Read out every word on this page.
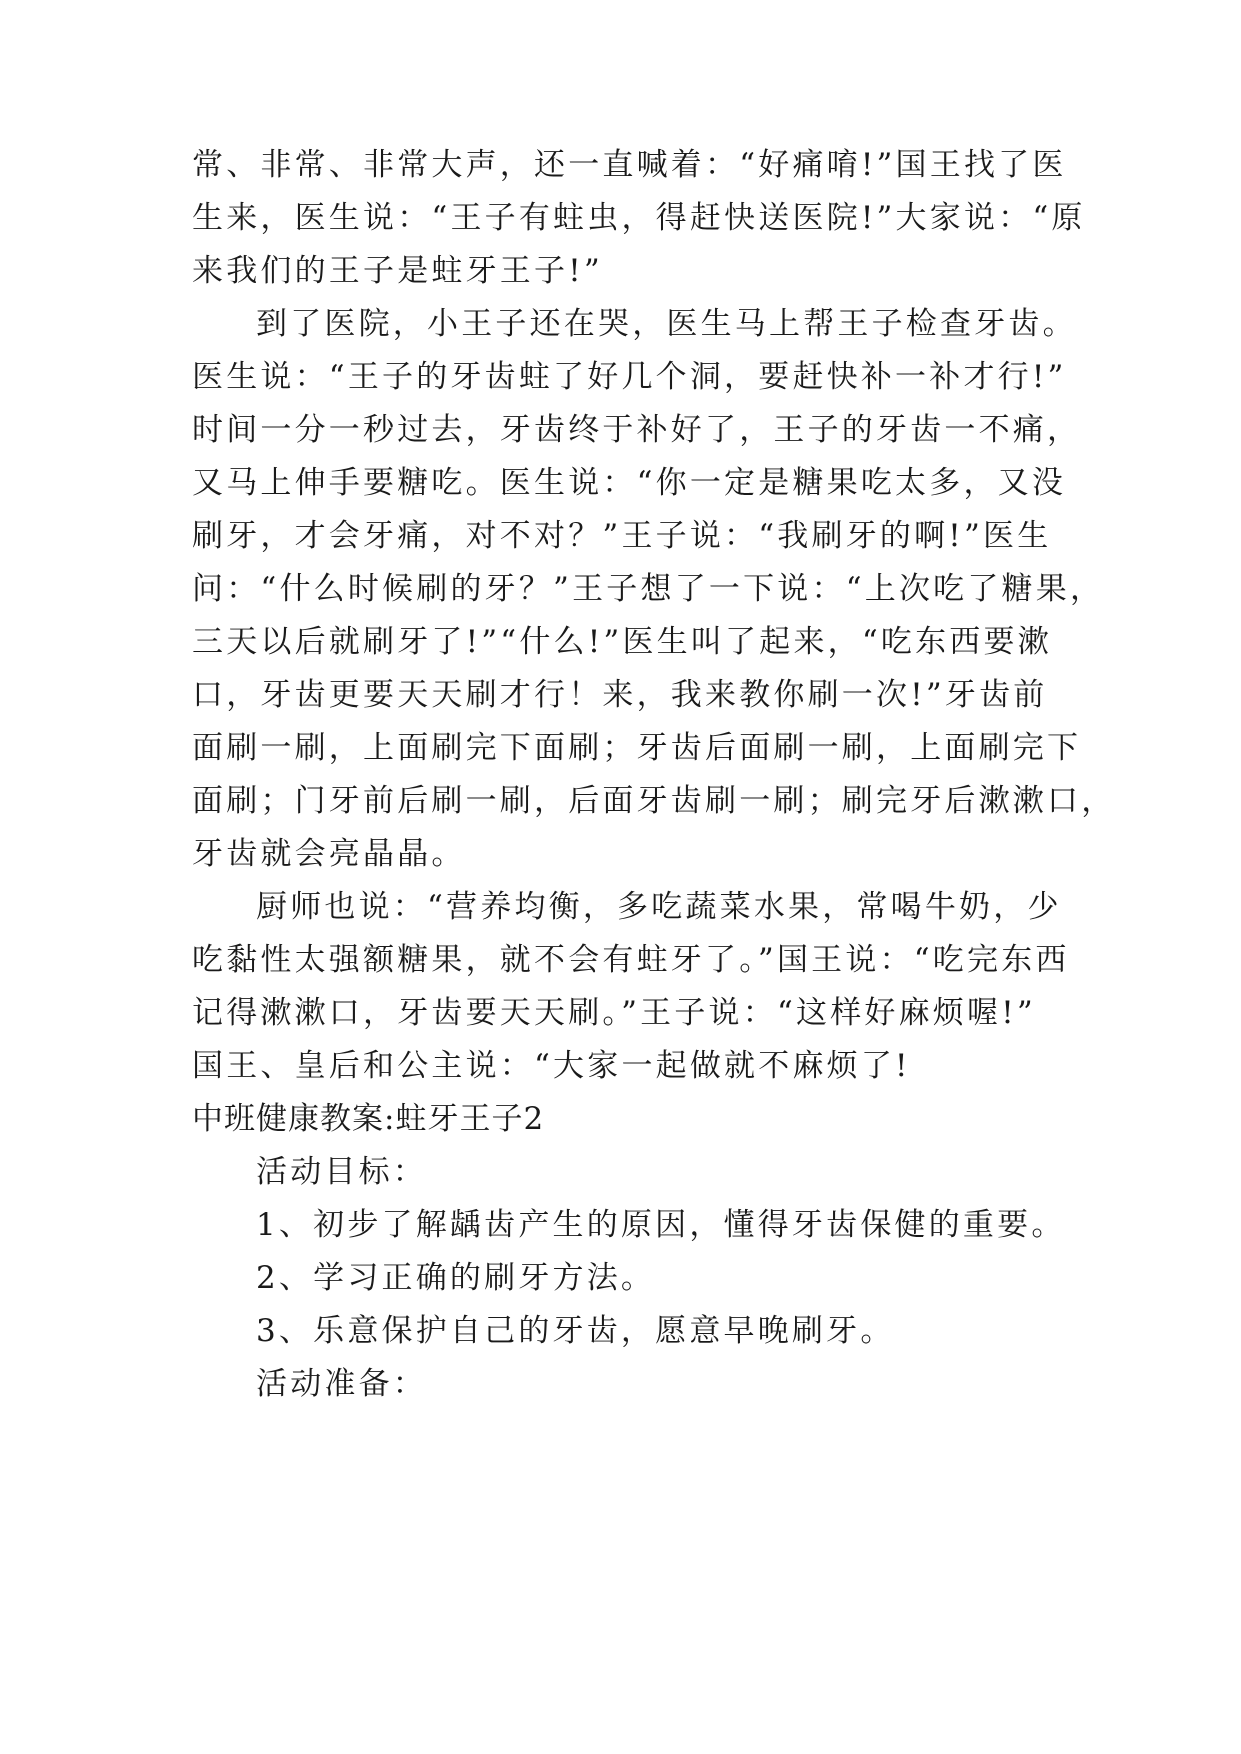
常、非常、非常大声，还一直喊着：“好痛唷!”国王找了医
生来，医生说：“王子有蛀虫，得赶快送医院!”大家说：“原
来我们的王子是蛀牙王子!”
到了医院，小王子还在哭，医生马上帮王子检查牙齿。
医生说：“王子的牙齿蛀了好几个洞，要赶快补一补才行!”
时间一分一秒过去，牙齿终于补好了，王子的牙齿一不痛，
又马上伸手要糖吃。医生说：“你一定是糖果吃太多，又没
刷牙，才会牙痛，对不对？”王子说：“我刷牙的啊!”医生
问：“什么时候刷的牙？”王子想了一下说：“上次吃了糖果，
三天以后就刷牙了!”“什么!”医生叫了起来，“吃东西要漱
口，牙齿更要天天刷才行！来，我来教你刷一次!”牙齿前
面刷一刷，上面刷完下面刷；牙齿后面刷一刷，上面刷完下
面刷；门牙前后刷一刷，后面牙齿刷一刷；刷完牙后漱漱口，
牙齿就会亮晶晶。
厨师也说：“营养均衡，多吃蔬菜水果，常喝牛奶，少
吃黏性太强额糖果，就不会有蛀牙了。”国王说：“吃完东西
记得漱漱口，牙齿要天天刷。”王子说：“这样好麻烦喔!”
国王、皇后和公主说：“大家一起做就不麻烦了!
中班健康教案:蛀牙王子2
活动目标：
1、初步了解龋齿产生的原因，懂得牙齿保健的重要。
2、学习正确的刷牙方法。
3、乐意保护自己的牙齿，愿意早晚刷牙。
活动准备：
